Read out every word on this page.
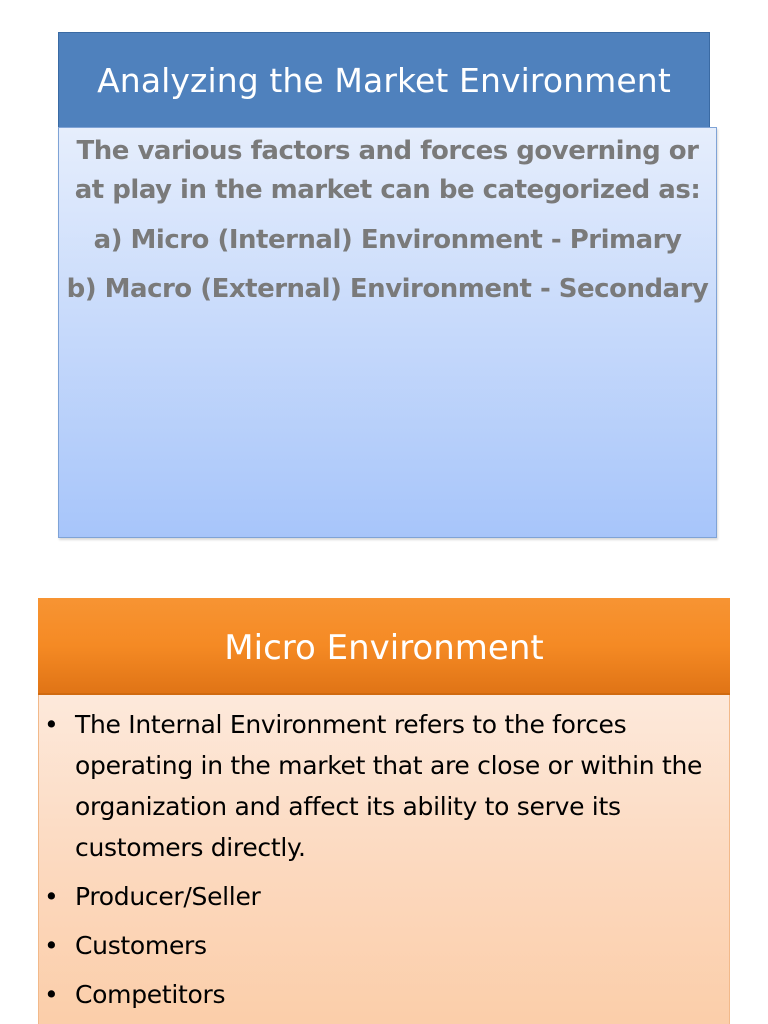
Analyzing the Market Environment
The various factors and forces governing or
at play in the market can be categorized as:
a) Micro (Internal) Environment - Primary
b) Macro (External) Environment - Secondary
Micro Environment
• The Internal Environment refers to the forces operating in the market that are close or within the organization and affect its ability to serve its customers directly.
• Producer/Seller
• Customers
• Competitors
